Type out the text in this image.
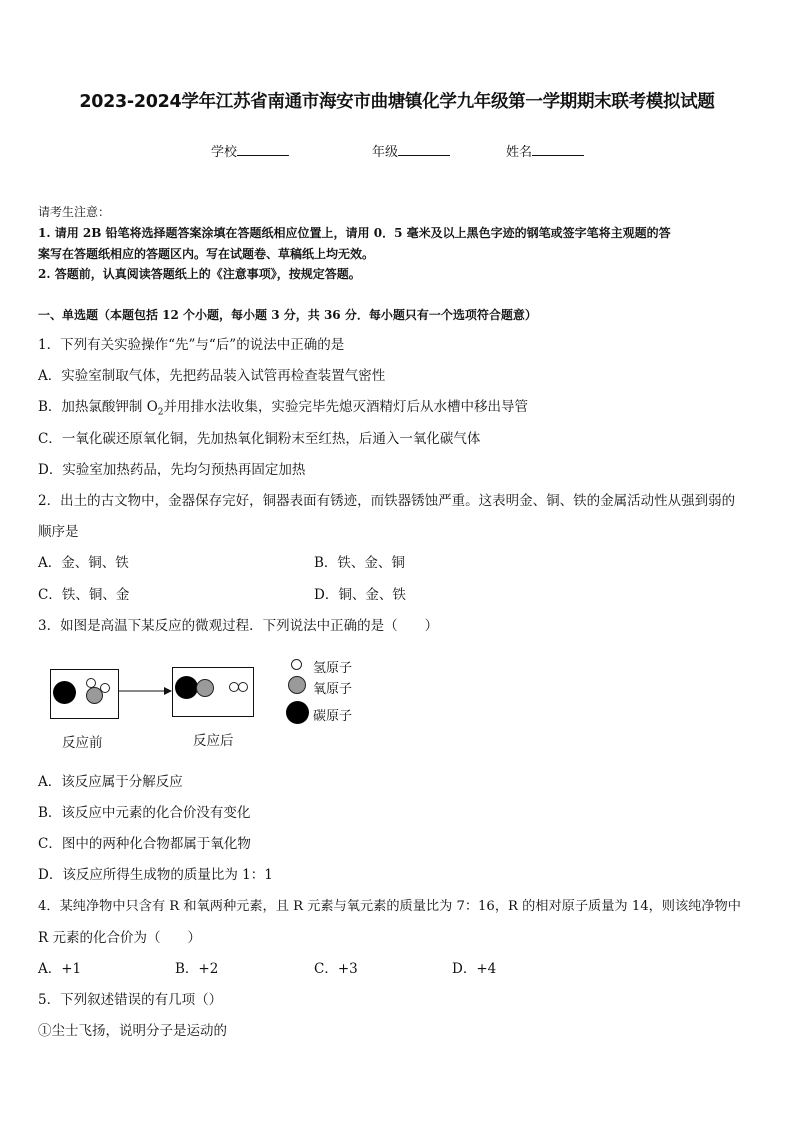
2023-2024学年江苏省南通市海安市曲塘镇化学九年级第一学期期末联考模拟试题
学校	年级	姓名
请考生注意：
1. 请用 2B 铅笔将选择题答案涂填在答题纸相应位置上，请用 0．5 毫米及以上黑色字迹的钢笔或签字笔将主观题的答
案写在答题纸相应的答题区内。写在试题卷、草稿纸上均无效。
2. 答题前，认真阅读答题纸上的《注意事项》，按规定答题。
一、单选题（本题包括 12 个小题，每小题 3 分，共 36 分．每小题只有一个选项符合题意）
1．下列有关实验操作“先”与“后”的说法中正确的是
A．实验室制取气体，先把药品装入试管再检查装置气密性
B．加热氯酸钾制 $O_2$并用排水法收集，实验完毕先熄灭酒精灯后从水槽中移出导管
C．一氧化碳还原氧化铜，先加热氧化铜粉末至红热，后通入一氧化碳气体
D．实验室加热药品，先均匀预热再固定加热
2．出土的古文物中，金器保存完好，铜器表面有锈迹，而铁器锈蚀严重。这表明金、铜、铁的金属活动性从强到弱的
顺序是
A．金、铜、铁	B．铁、金、铜
C．铁、铜、金	D．铜、金、铁
3．如图是高温下某反应的微观过程．下列说法中正确的是（　　）
反应前	反应后
氢原子
氧原子
碳原子
A．该反应属于分解反应
B．该反应中元素的化合价没有变化
C．图中的两种化合物都属于氧化物
D．该反应所得生成物的质量比为 1：1
4．某纯净物中只含有 R 和氧两种元素，且 R 元素与氧元素的质量比为 7：16，R 的相对原子质量为 14，则该纯净物中
R 元素的化合价为（　　）
A．+1	B．+2	C．+3	D．+4
5．下列叙述错误的有几项（）
①尘士飞扬，说明分子是运动的
